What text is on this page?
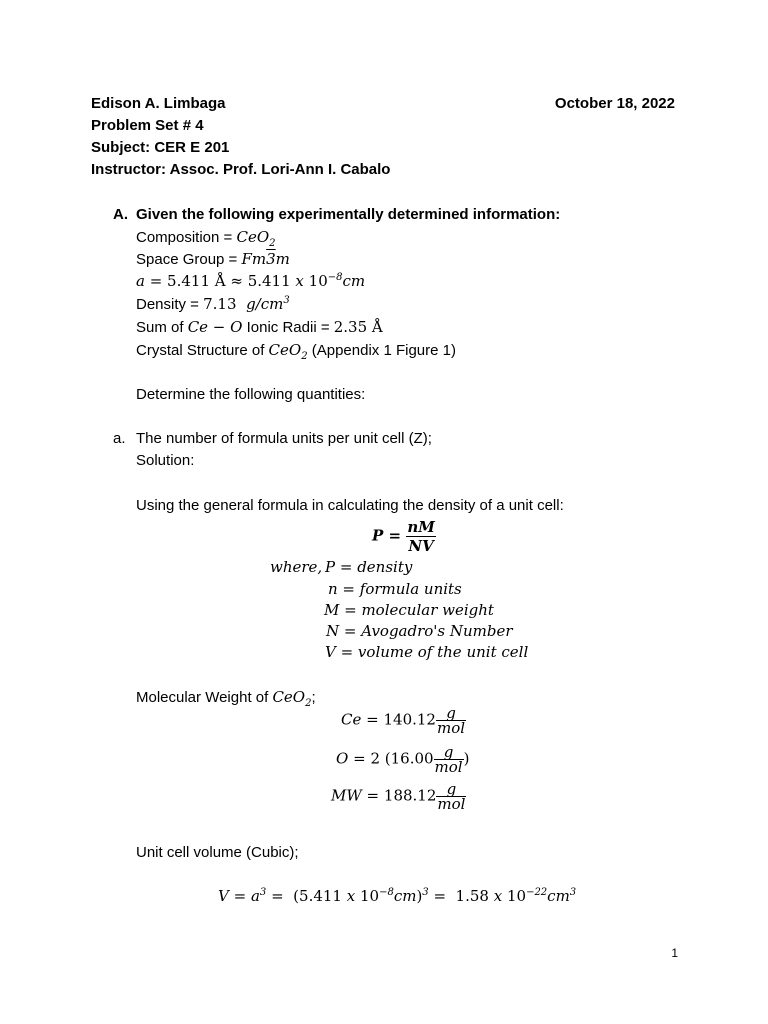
Edison A. Limbaga	October 18, 2022
Problem Set # 4
Subject: CER E 201
Instructor: Assoc. Prof. Lori-Ann I. Cabalo
A. Given the following experimentally determined information:
Composition = CeO$_2$
Space Group = Fm3m
a = 5.411 Å ≈ 5.411 x $10^{-8}cm$
Density = 7.13  $g/cm^3$
Sum of Ce − O Ionic Radii = 2.35 Å
Crystal Structure of CeO$_2$ (Appendix 1 Figure 1)
Determine the following quantities:
a. The number of formula units per unit cell (Z);
Solution:
Using the general formula in calculating the density of a unit cell:
$P = \frac{nM}{NV}$
where, P = density
n = formula units
M = molecular weight
N = Avogadro's Number
V = volume of the unit cell
Molecular Weight of CeO$_2$;
$Ce = 140.12 \frac{g}{\text{mol}}$
O = 2 ($16.00 \frac{g}{\text{mol}}$ )
MW = $188.12 \frac{g}{\text{mol}}$
Unit cell volume (Cubic);
$V = a^3 = (5.411$ x $10^{-8}cm)^3 = 1.58$ x $10^{-22}cm^3$
1
